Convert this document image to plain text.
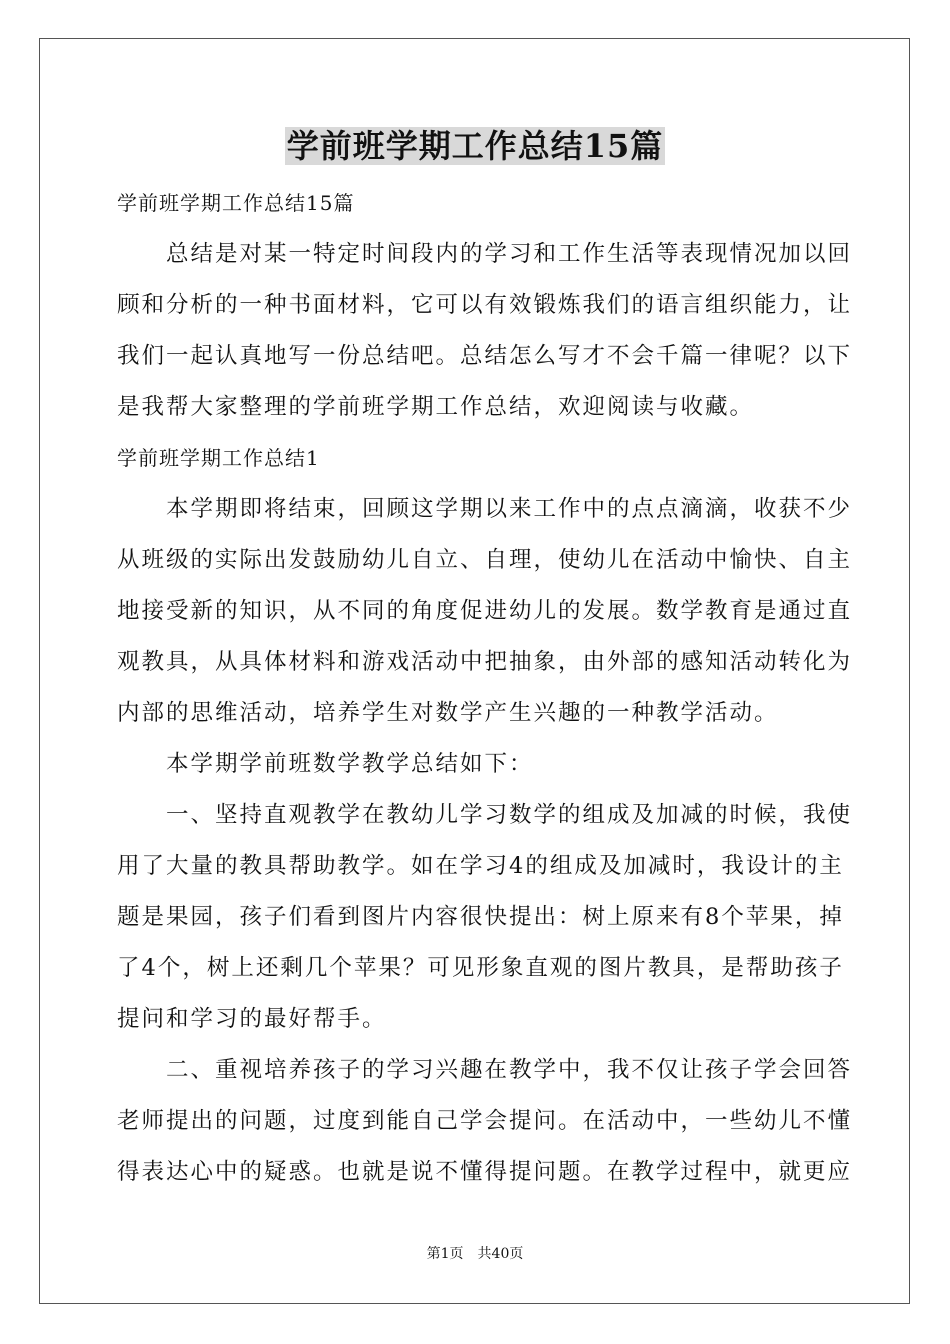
学前班学期工作总结15篇
学前班学期工作总结15篇
　　总结是对某一特定时间段内的学习和工作生活等表现情况加以回
顾和分析的一种书面材料，它可以有效锻炼我们的语言组织能力，让
我们一起认真地写一份总结吧。总结怎么写才不会千篇一律呢？以下
是我帮大家整理的学前班学期工作总结，欢迎阅读与收藏。
学前班学期工作总结1
　　本学期即将结束，回顾这学期以来工作中的点点滴滴，收获不少
从班级的实际出发鼓励幼儿自立、自理，使幼儿在活动中愉快、自主
地接受新的知识，从不同的角度促进幼儿的发展。数学教育是通过直
观教具，从具体材料和游戏活动中把抽象，由外部的感知活动转化为
内部的思维活动，培养学生对数学产生兴趣的一种教学活动。
　　本学期学前班数学教学总结如下：
　　一、坚持直观教学在教幼儿学习数学的组成及加减的时候，我使
用了大量的教具帮助教学。如在学习4的组成及加减时，我设计的主
题是果园，孩子们看到图片内容很快提出：树上原来有8个苹果，掉
了4个，树上还剩几个苹果？可见形象直观的图片教具，是帮助孩子
提问和学习的最好帮手。
　　二、重视培养孩子的学习兴趣在教学中，我不仅让孩子学会回答
老师提出的问题，过度到能自己学会提问。在活动中，一些幼儿不懂
得表达心中的疑惑。也就是说不懂得提问题。在教学过程中，就更应
第1页　共40页
